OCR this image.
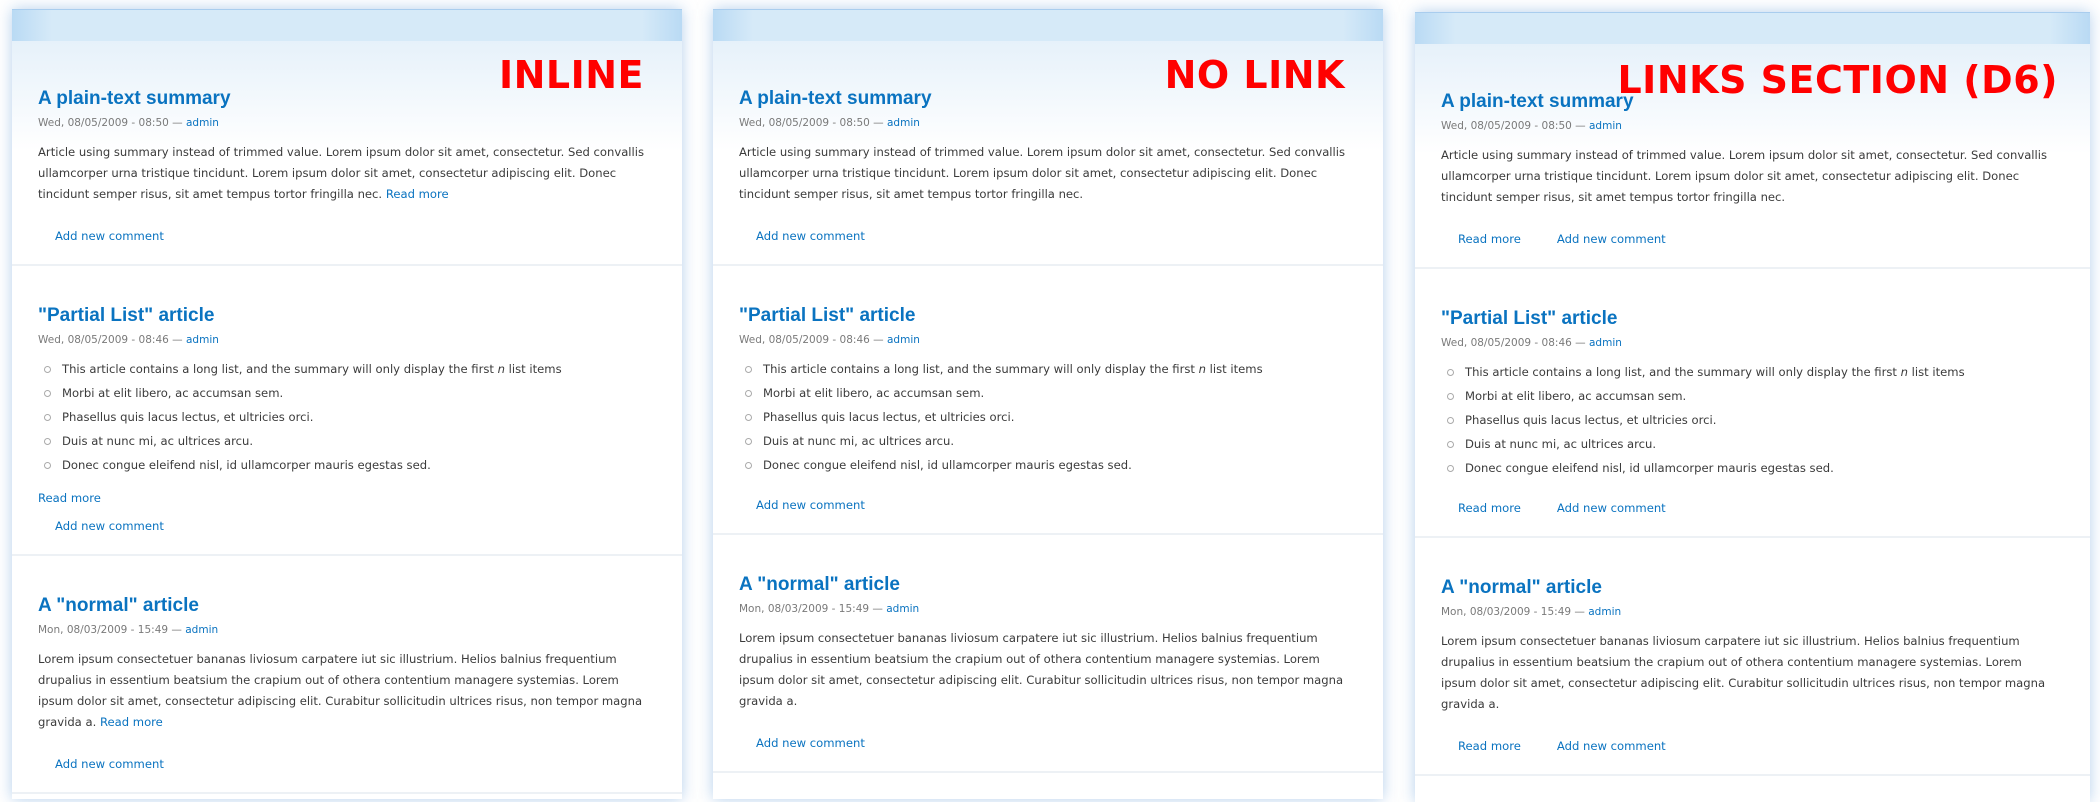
INLINE
A plain-text summary
Wed, 08/05/2009 - 08:50 — admin
Article using summary instead of trimmed value. Lorem ipsum dolor sit amet, consectetur. Sed convallis ullamcorper urna tristique tincidunt. Lorem ipsum dolor sit amet, consectetur adipiscing elit. Donec tincidunt semper risus, sit amet tempus tortor fringilla nec. Read more
Add new comment
"Partial List" article
Wed, 08/05/2009 - 08:46 — admin
This article contains a long list, and the summary will only display the first n list items
Morbi at elit libero, ac accumsan sem.
Phasellus quis lacus lectus, et ultricies orci.
Duis at nunc mi, ac ultrices arcu.
Donec congue eleifend nisl, id ullamcorper mauris egestas sed.
Read more
Add new comment
A "normal" article
Mon, 08/03/2009 - 15:49 — admin
Lorem ipsum consectetuer bananas liviosum carpatere iut sic illustrium. Helios balnius frequentium drupalius in essentium beatsium the crapium out of othera contentium managere systemias. Lorem ipsum dolor sit amet, consectetur adipiscing elit. Curabitur sollicitudin ultrices risus, non tempor magna gravida a. Read more
Add new comment
NO LINK
A plain-text summary
Wed, 08/05/2009 - 08:50 — admin
Article using summary instead of trimmed value. Lorem ipsum dolor sit amet, consectetur. Sed convallis ullamcorper urna tristique tincidunt. Lorem ipsum dolor sit amet, consectetur adipiscing elit. Donec tincidunt semper risus, sit amet tempus tortor fringilla nec.
Add new comment
"Partial List" article
Wed, 08/05/2009 - 08:46 — admin
This article contains a long list, and the summary will only display the first n list items
Morbi at elit libero, ac accumsan sem.
Phasellus quis lacus lectus, et ultricies orci.
Duis at nunc mi, ac ultrices arcu.
Donec congue eleifend nisl, id ullamcorper mauris egestas sed.
Add new comment
A "normal" article
Mon, 08/03/2009 - 15:49 — admin
Lorem ipsum consectetuer bananas liviosum carpatere iut sic illustrium. Helios balnius frequentium drupalius in essentium beatsium the crapium out of othera contentium managere systemias. Lorem ipsum dolor sit amet, consectetur adipiscing elit. Curabitur sollicitudin ultrices risus, non tempor magna gravida a.
Add new comment
LINKS SECTION (D6)
A plain-text summary
Wed, 08/05/2009 - 08:50 — admin
Article using summary instead of trimmed value. Lorem ipsum dolor sit amet, consectetur. Sed convallis ullamcorper urna tristique tincidunt. Lorem ipsum dolor sit amet, consectetur adipiscing elit. Donec tincidunt semper risus, sit amet tempus tortor fringilla nec.
Read more	Add new comment
"Partial List" article
Wed, 08/05/2009 - 08:46 — admin
This article contains a long list, and the summary will only display the first n list items
Morbi at elit libero, ac accumsan sem.
Phasellus quis lacus lectus, et ultricies orci.
Duis at nunc mi, ac ultrices arcu.
Donec congue eleifend nisl, id ullamcorper mauris egestas sed.
Read more	Add new comment
A "normal" article
Mon, 08/03/2009 - 15:49 — admin
Lorem ipsum consectetuer bananas liviosum carpatere iut sic illustrium. Helios balnius frequentium drupalius in essentium beatsium the crapium out of othera contentium managere systemias. Lorem ipsum dolor sit amet, consectetur adipiscing elit. Curabitur sollicitudin ultrices risus, non tempor magna gravida a.
Read more	Add new comment
